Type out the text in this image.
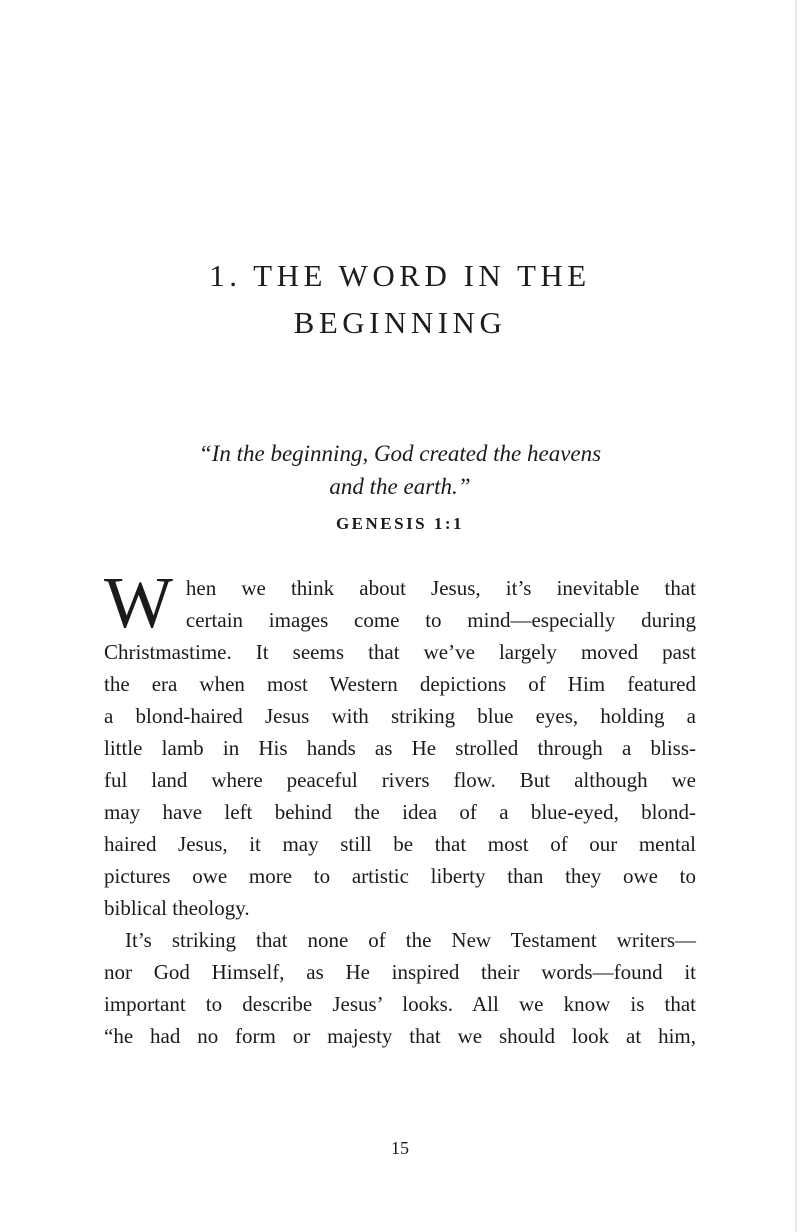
1. THE WORD IN THE
BEGINNING
“In the beginning, God created the heavens
and the earth.”
GENESIS 1:1
W hen we think about Jesus, it’s inevitable that

certain images come to mind—especially during

Christmastime. It seems that we’ve largely moved past

the era when most Western depictions of Him featured

a blond-haired Jesus with striking blue eyes, holding a

little lamb in His hands as He strolled through a bliss-

ful land where peaceful rivers flow. But although we

may have left behind the idea of a blue-eyed, blond-

haired Jesus, it may still be that most of our mental

pictures owe more to artistic liberty than they owe to

biblical theology.

It’s striking that none of the New Testament writers—

nor God Himself, as He inspired their words—found it

important to describe Jesus’ looks. All we know is that

“he had no form or majesty that we should look at him,

15
